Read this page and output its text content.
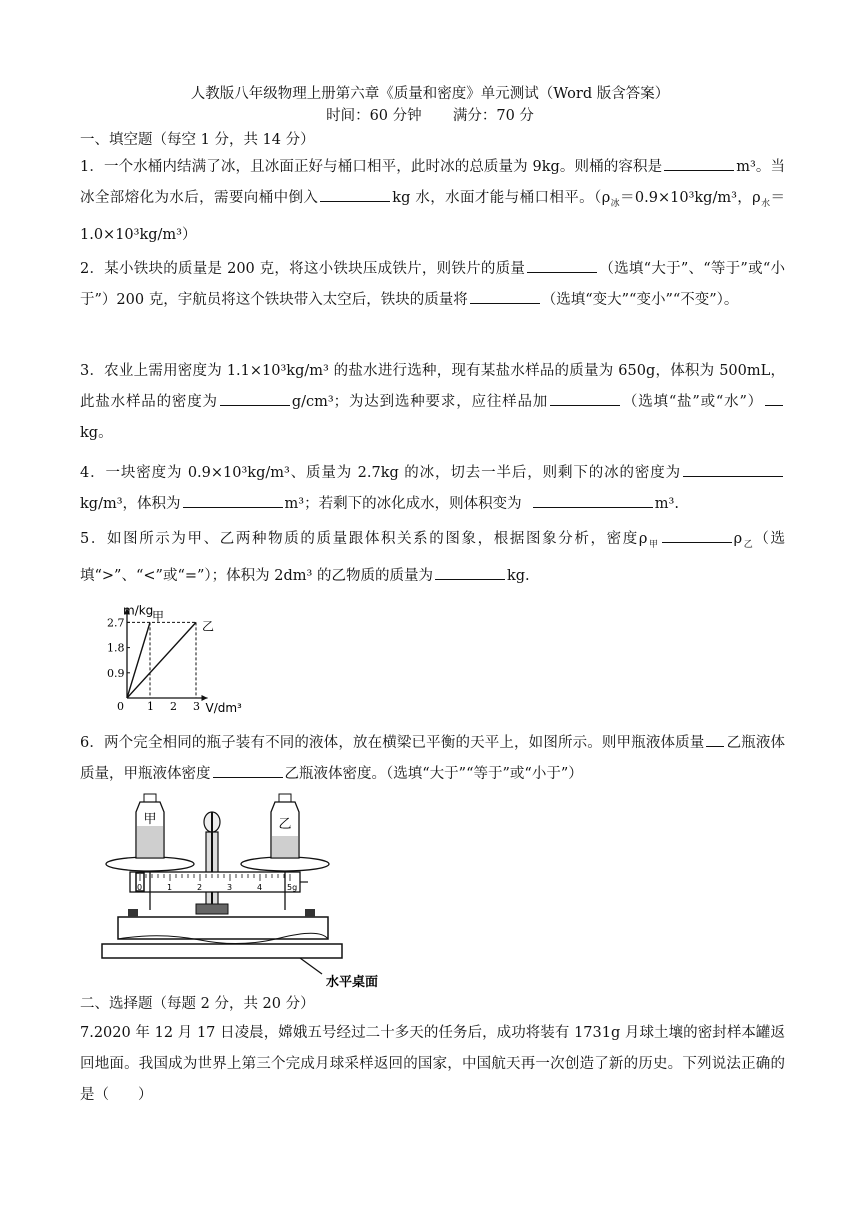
人教版八年级物理上册第六章《质量和密度》单元测试（Word 版含答案）
时间：60 分钟 满分：70 分
一、填空题（每空 1 分，共 14 分）
1．一个水桶内结满了冰，且冰面正好与桶口相平，此时冰的总质量为 9kg。则桶的容积是	m³。当冰全部熔化为水后，需要向桶中倒入	kg 水，水面才能与桶口相平。（$\rho_冰=0.9\times 10^3kg/m^3$，$\rho_水=1.0\times 10^3kg/m^3$）
2．某小铁块的质量是 200 克，将这小铁块压成铁片，则铁片的质量	（选填“大于”、“等于”或“小于”）200 克，宇航员将这个铁块带入太空后，铁块的质量将	（选填“变大”“变小”“不变”）。
3．农业上需用密度为 1.1×10³kg/m³ 的盐水进行选种，现有某盐水样品的质量为 650g，体积为 500mL，此盐水样品的密度为	g/cm³；为达到选种要求，应往样品加	（选填“盐”或“水”）kg。
4．一块密度为 0.9×10³kg/m³、质量为 2.7kg 的冰，切去一半后，则剩下的冰的密度为kg/m³，体积为	m³；若剩下的冰化成水，则体积变为	m³.
5．如图所示为甲、乙两种物质的质量跟体积关系的图象，根据图象分析，密度$\rho_甲$	$\rho_乙$（选填“>”、“<”或“=”）；体积为 2dm³ 的乙物质的质量为	kg.
m/kg
V/dm³
0 1 2 3
0.9
1.8
2.7 甲
乙
6．两个完全相同的瓶子装有不同的液体，放在横梁已平衡的天平上，如图所示。则甲瓶液体质量 乙瓶液体质量，甲瓶液体密度	乙瓶液体密度。（选填“大于”“等于”或“小于”）
0	1	2	3	4	5g
甲	乙
水平桌面
二、选择题（每题 2 分，共 20 分）
7.2020 年 12 月 17 日凌晨，嫦娥五号经过二十多天的任务后，成功将装有 1731g 月球土壤的密封样本罐返回地面。我国成为世界上第三个完成月球采样返回的国家，中国航天再一次创造了新的历史。下列说法正确的是（　　）
